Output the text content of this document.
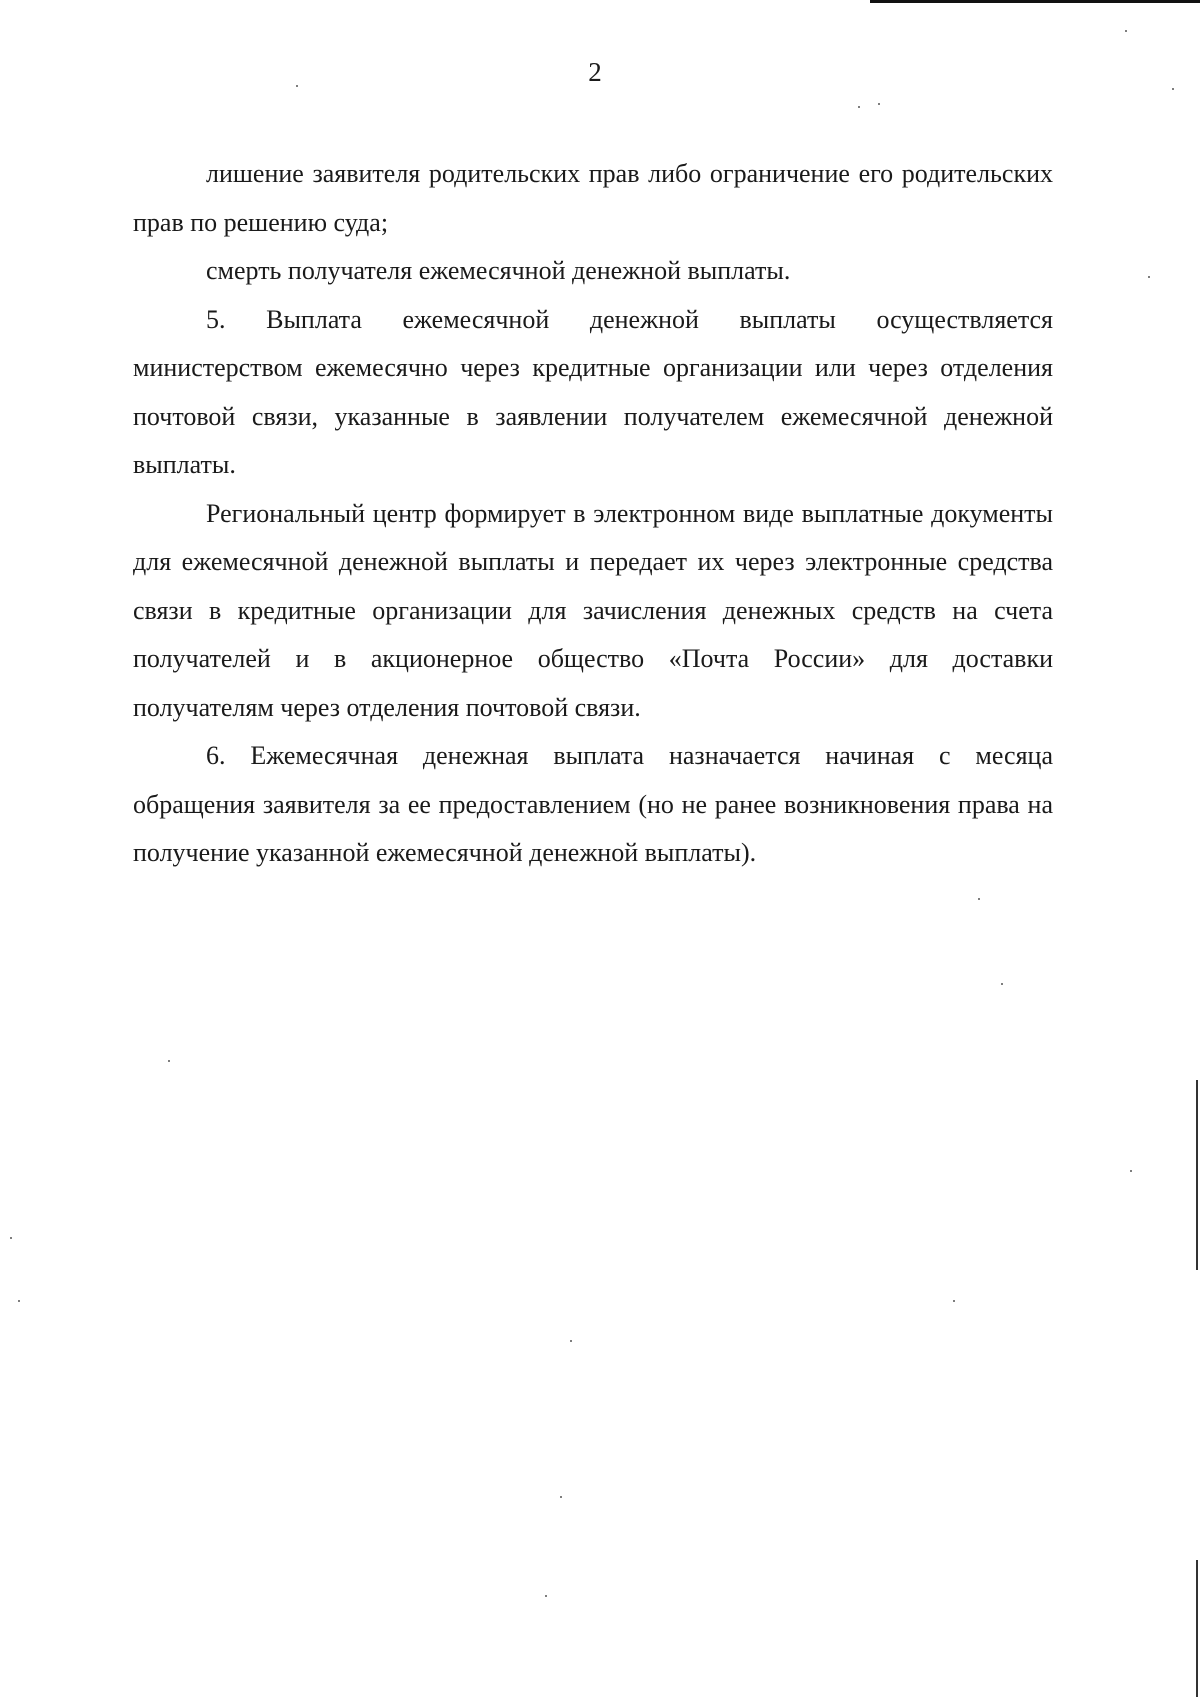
2

лишение заявителя родительских прав либо ограничение его родительских прав по решению суда;

смерть получателя ежемесячной денежной выплаты.

5. Выплата ежемесячной денежной выплаты осуществляется министерством ежемесячно через кредитные организации или через отделения почтовой связи, указанные в заявлении получателем ежемесячной денежной выплаты.

Региональный центр формирует в электронном виде выплатные документы для ежемесячной денежной выплаты и передает их через электронные средства связи в кредитные организации для зачисления денежных средств на счета получателей и в акционерное общество «Почта России» для доставки получателям через отделения почтовой связи.

6. Ежемесячная денежная выплата назначается начиная с месяца обращения заявителя за ее предоставлением (но не ранее возникновения права на получение указанной ежемесячной денежной выплаты).
